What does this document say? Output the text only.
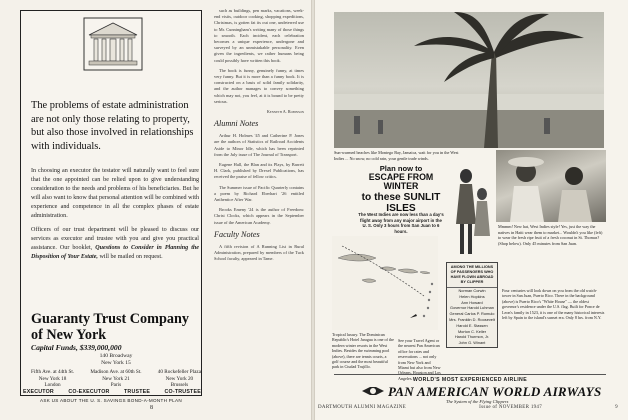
The problems of estate administration are not only those relating to property, but also those involved in relationships with individuals.

In choosing an executor the testator will naturally want to feel sure that the one appointed can be relied upon to give understanding consideration to the needs and problems of his beneficiaries. But he will also want to know that personal attention will be combined with experience and competence in all the complex phases of estate administration.

Officers of our trust department will be pleased to discuss our services as executor and trustee with you and give you practical assistance. Our booklet, Questions to Consider in Planning the Disposition of Your Estate, will be mailed on request.

Guaranty Trust Company of New York
Capital Funds, $339,000,000
140 Broadway
New York 15
Fifth Ave. at 44th St.
New York 18
London
Madison Ave. at 60th St.
New York 21
Paris
40 Rockefeller Plaza
New York 20
Brussels
EXECUTOR	CO-EXECUTOR	TRUSTEE	CO-TRUSTEE
ASK US ABOUT THE U. S. SAVINGS BOND-A-MONTH PLAN
8

such as buildings, pen marks, vacations, week-end visits, outdoor cooking, shopping expeditions, Christmas, is gotten fat its out one, undeterred use to Mr. Cunningham's writing many of those things to smooth. Each incident, each celebration becomes a unique experience, undergone and surveyed by an unmistakable personality. Even given the ingredients, we rather humans being could possibly have written this book.

The book is funny, genuinely funny, at times very funny. But it is more than a funny book. It is constructed on a basis of solid family solidarity, and the author manages to convey something which may not, you feel, at it is bound to be pretty serious.

Kenneth A. Robinson

Alumni Notes

Arthur H. Holmes '45 and Catherine P. Jones are the authors of Statistics of Railroad Accidents Aside to Minor Idle, which has been reprinted from the July issue of The Journal of Transport.

Eugene Hall, the Blan and its Plays, by Barrett H. Clark, published by Drexel Publications, has received the praise of fellow critics.

The Summer issue of Pacific Quarterly contains a poem by Richard Eberhart '26 entitled Anthentice After War.

Brooks Emeny '24 is the author of Freedom: Christ Clocks, which appears in the September issue of the American Academy.

Faculty Notes

A fifth revision of A Running List in Rural Administration, prepared by members of the Tuck School faculty, appeared in Tame.

Sun-warmed beaches like Montego Bay, Jamaica, wait for you in the West Indies ... No snow, no cold rain, your gentle trade winds.
Plan now to
ESCAPE FROM WINTER
to these SUNLIT ISLES
The West Indies are now less than a day's flight away from any major airport in the U. S. Only 3 hours from San Juan to 6 hours.
Mmmm! New hat, West Indies style! Yes, just the way the natives in Haiti wear them to market... Wouldn't you like (left) to wear the fresh ripe fruit of a fresh coconut in St. Thomas? (Shop below). Only 45 minutes from San Juan.
AMONG THE MILLIONS OF PASSENGERS WHO HAVE FLOWN ABROAD BY CLIPPER
Norman Corwin
Helen Hopkins
Ann Howard
Governor Harold Luhman
General Carlos P. Romulo
Mrs. Franklin D. Roosevelt
Harold E. Stassen
Morton C. Keller
Harold Thurmon, Jr.
John G. Winant
Four centuries will look down on you from the old watch-tower in San Juan, Puerto Rico. There in the background (above) is Puerto Rico's "White House" — the oldest governor's residence under the U.S. flag. Built for Ponce de Leon's family in 1523, it is one of the many historical interests left by Spain to the island's sunset era. Only 8 hrs. from N.Y.
Tropical luxury. The Dominican Republic's Hotel Jaragua is one of the modern winter resorts in the West Indies. Besides the swimming pool (above), there are tennis courts, a golf course and the most beautiful park in Ciudad Trujillo.
See your Travel Agent or the nearest Pan American office for rates and reservations ... not only from New York and Miami but also from New Orleans, Houston and Los Angeles. WORLD'S MOST EXPERIENCED AIRLINE
PAN AMERICAN WORLD AIRWAYS
The System of the Flying Clippers
DARTMOUTH ALUMNI MAGAZINE	Issue of NOVEMBER 1947	9
